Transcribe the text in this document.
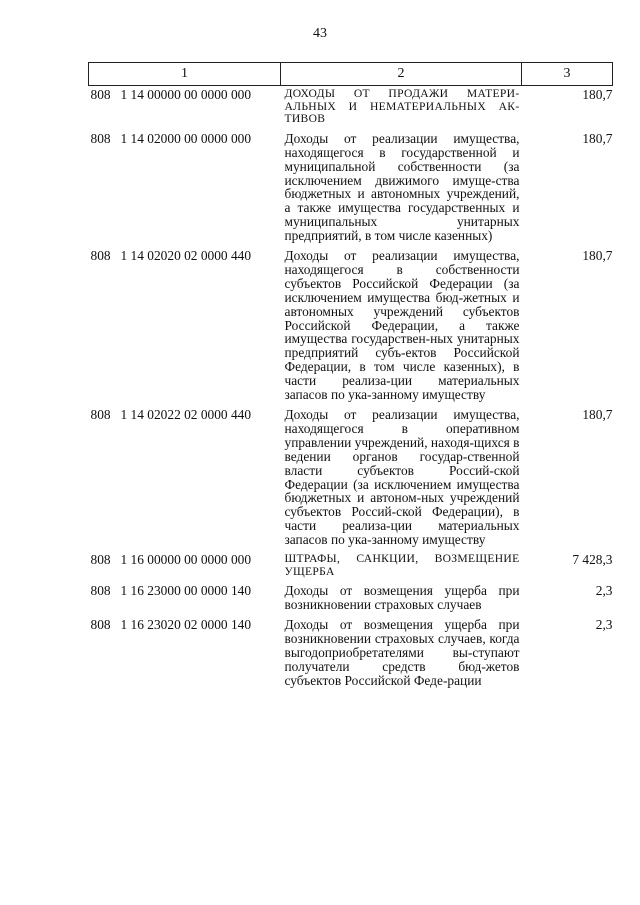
43
1	2	3
808 1 14 00000 00 0000 000	ДОХОДЫ ОТ ПРОДАЖИ МАТЕРИ-АЛЬНЫХ И НЕМАТЕРИАЛЬНЫХ АК-ТИВОВ	180,7
808 1 14 02000 00 0000 000	Доходы от реализации имущества, находящегося в государственной и муниципальной собственности (за исключением движимого имуще-ства бюджетных и автономных учреждений, а также имущества государственных и муниципальных унитарных предприятий, в том числе казенных)	180,7
808 1 14 02020 02 0000 440	Доходы от реализации имущества, находящегося в собственности субъектов Российской Федерации (за исключением имущества бюд-жетных и автономных учреждений субъектов Российской Федерации, а также имущества государствен-ных унитарных предприятий субъ-ектов Российской Федерации, в том числе казенных), в части реализа-ции материальных запасов по ука-занному имуществу	180,7
808 1 14 02022 02 0000 440	Доходы от реализации имущества, находящегося в оперативном управлении учреждений, находя-щихся в ведении органов государ-ственной власти субъектов Россий-ской Федерации (за исключением имущества бюджетных и автоном-ных учреждений субъектов Россий-ской Федерации), в части реализа-ции материальных запасов по ука-занному имуществу	180,7
808 1 16 00000 00 0000 000	ШТРАФЫ, САНКЦИИ, ВОЗМЕЩЕНИЕ УЩЕРБА	7 428,3
808 1 16 23000 00 0000 140	Доходы от возмещения ущерба при возникновении страховых случаев	2,3
808 1 16 23020 02 0000 140	Доходы от возмещения ущерба при возникновении страховых случаев, когда выгодоприобретателями вы-ступают получатели средств бюд-жетов субъектов Российской Феде-рации	2,3
